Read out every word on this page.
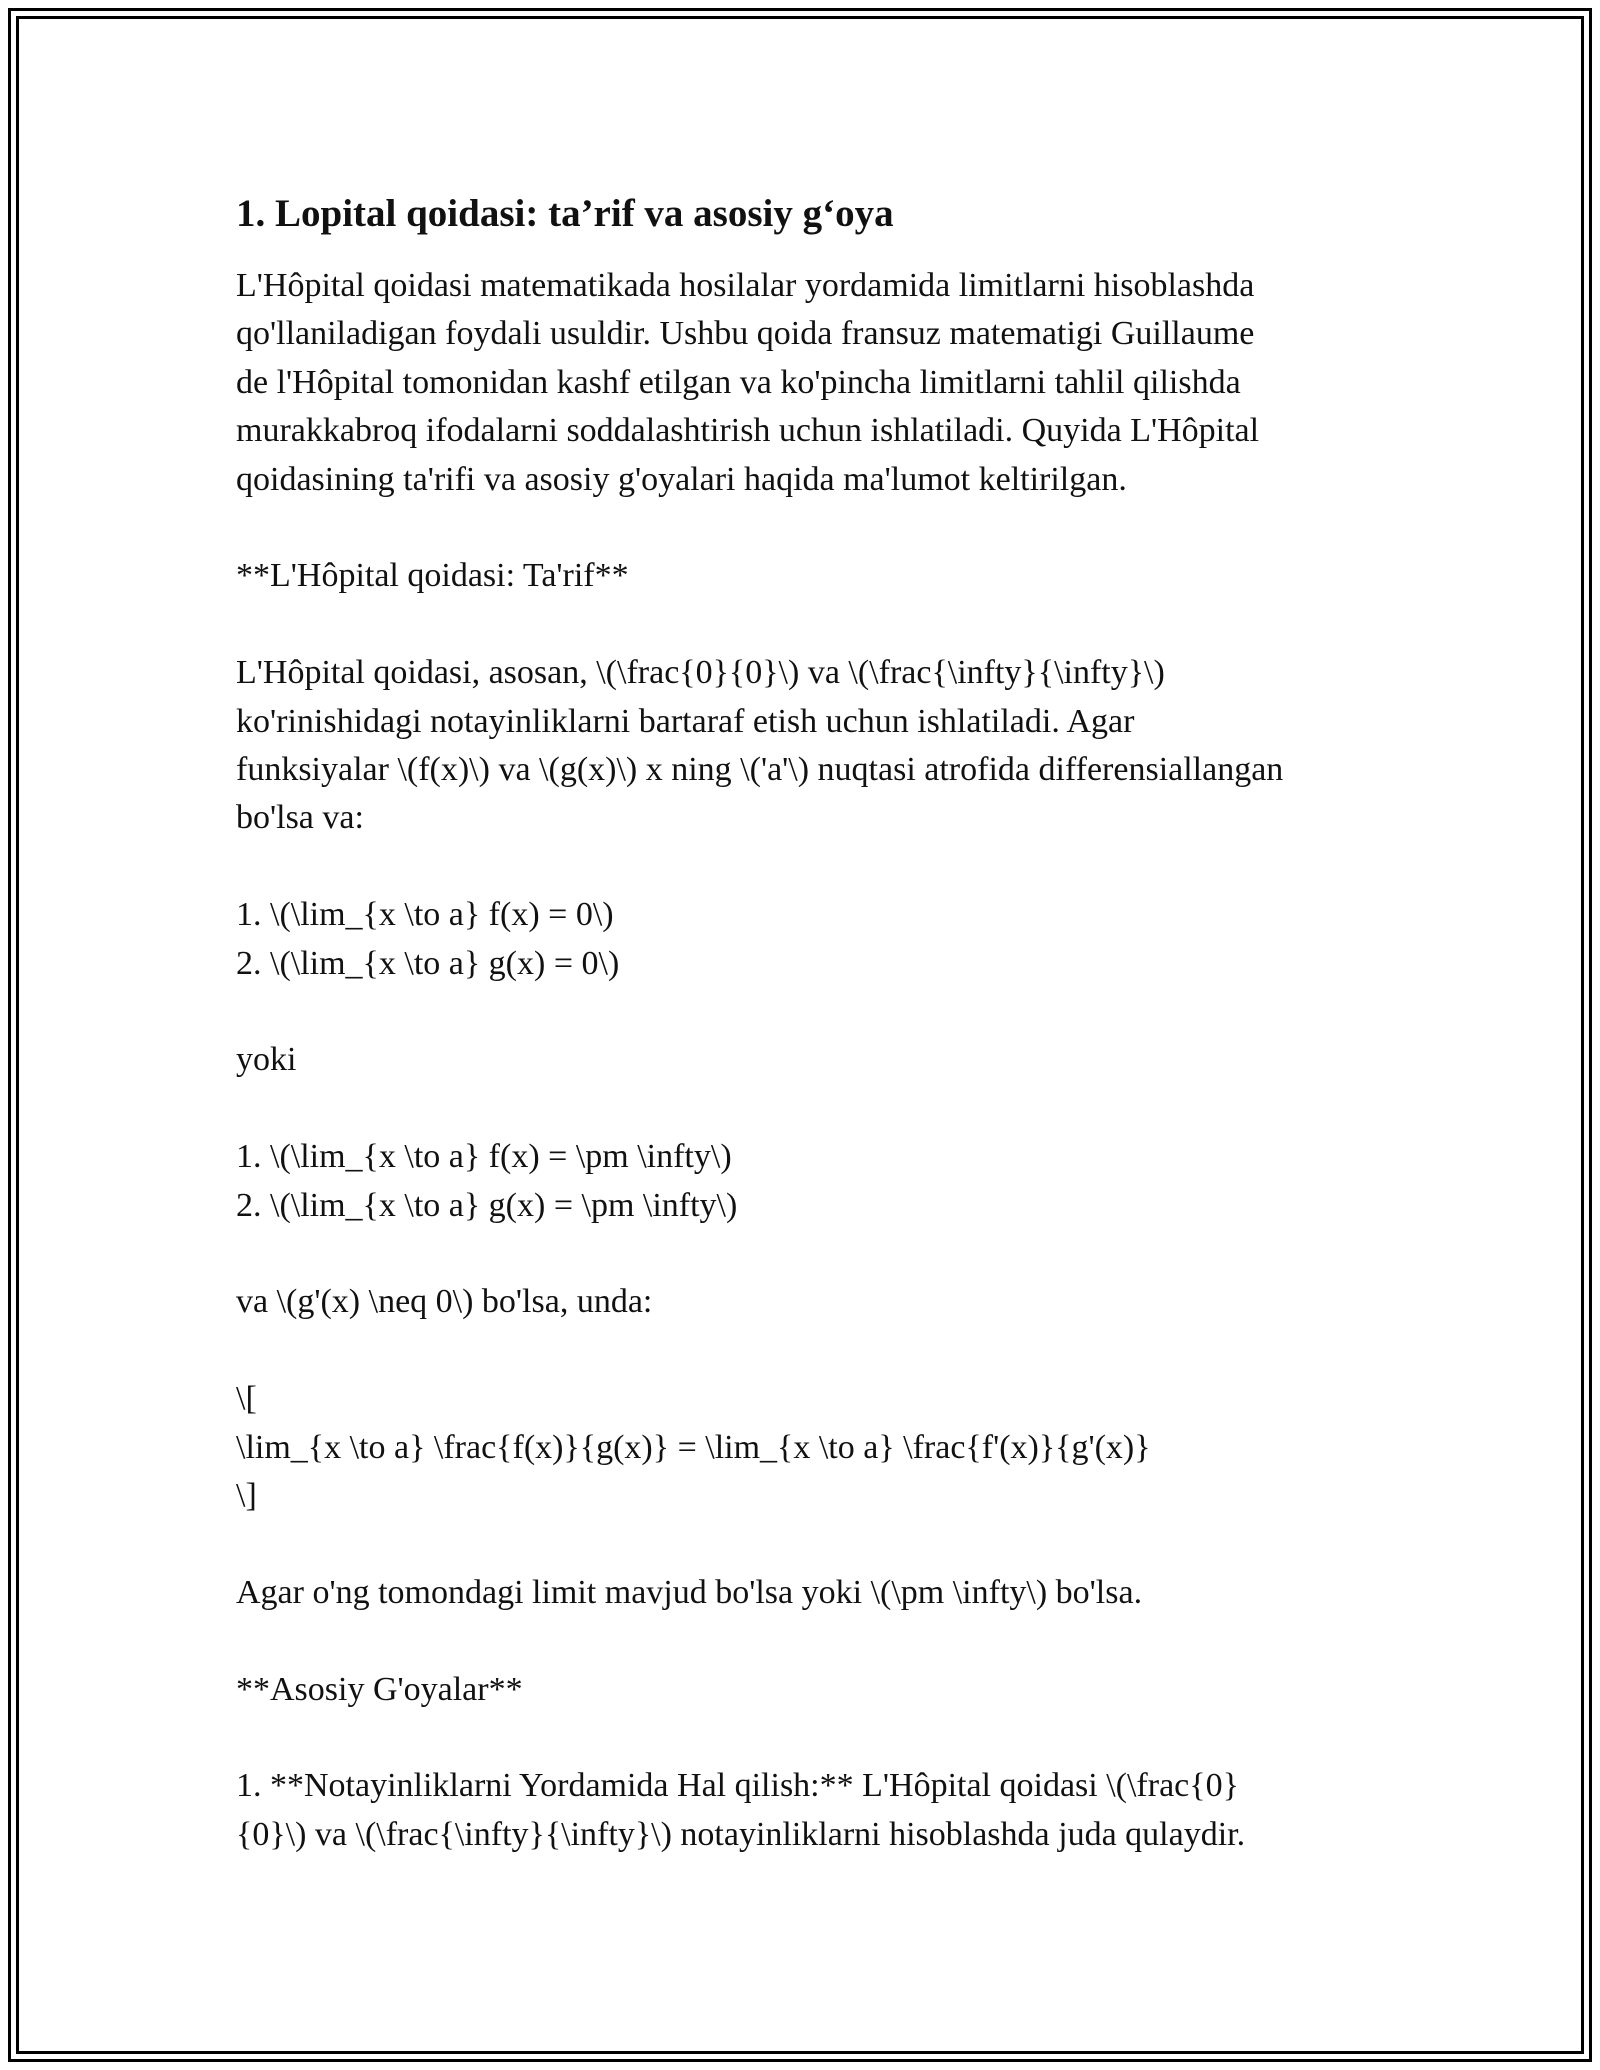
1. Lopital qoidasi: ta’rif va asosiy g‘oya
L'Hôpital qoidasi matematikada hosilalar yordamida limitlarni hisoblashda
qo'llaniladigan foydali usuldir. Ushbu qoida fransuz matematigi Guillaume
de l'Hôpital tomonidan kashf etilgan va ko'pincha limitlarni tahlil qilishda
murakkabroq ifodalarni soddalashtirish uchun ishlatiladi. Quyida L'Hôpital
qoidasining ta'rifi va asosiy g'oyalari haqida ma'lumot keltirilgan.
**L'Hôpital qoidasi: Ta'rif**
L'Hôpital qoidasi, asosan, \(\frac{0}{0}\) va \(\frac{\infty}{\infty}\)
ko'rinishidagi notayinliklarni bartaraf etish uchun ishlatiladi. Agar
funksiyalar \(f(x)\) va \(g(x)\) x ning \('a'\) nuqtasi atrofida differensiallangan
bo'lsa va:
1. \(\lim_{x \to a} f(x) = 0\)
2. \(\lim_{x \to a} g(x) = 0\)
yoki
1. \(\lim_{x \to a} f(x) = \pm \infty\)
2. \(\lim_{x \to a} g(x) = \pm \infty\)
va \(g'(x) \neq 0\) bo'lsa, unda:
\[
\lim_{x \to a} \frac{f(x)}{g(x)} = \lim_{x \to a} \frac{f'(x)}{g'(x)}
\]
Agar o'ng tomondagi limit mavjud bo'lsa yoki \(\pm \infty\) bo'lsa.
**Asosiy G'oyalar**
1. **Notayinliklarni Yordamida Hal qilish:** L'Hôpital qoidasi \(\frac{0}
{0}\) va \(\frac{\infty}{\infty}\) notayinliklarni hisoblashda juda qulaydir.
